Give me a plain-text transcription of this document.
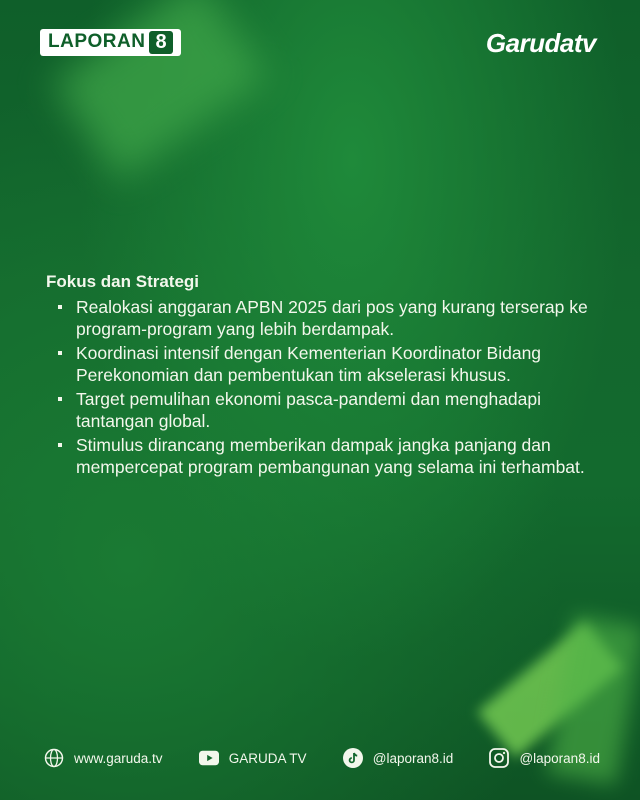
LAPORAN 8	Garudatv
Fokus dan Strategi
Realokasi anggaran APBN 2025 dari pos yang kurang terserap ke program-program yang lebih berdampak.
Koordinasi intensif dengan Kementerian Koordinator Bidang Perekonomian dan pembentukan tim akselerasi khusus.
Target pemulihan ekonomi pasca-pandemi dan menghadapi tantangan global.
Stimulus dirancang memberikan dampak jangka panjang dan mempercepat program pembangunan yang selama ini terhambat.
www.garuda.tv	GARUDA TV	@laporan8.id	@laporan8.id
